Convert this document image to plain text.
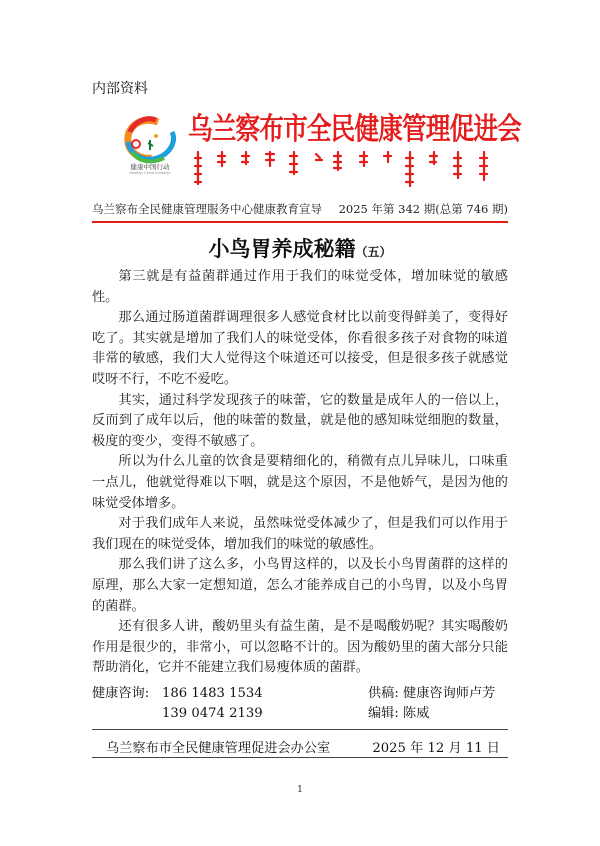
内部资料
健康中国行动
Healthy China Initiative
乌兰察布市全民健康管理促进会
乌兰察布全民健康管理服务中心健康教育宣导 2025 年第 342 期(总第 746 期)
小鸟胃养成秘籍（五）

第三就是有益菌群通过作用于我们的味觉受体，增加味觉的敏感性。

那么通过肠道菌群调理很多人感觉食材比以前变得鲜美了，变得好吃了。其实就是增加了我们人的味觉受体，你看很多孩子对食物的味道非常的敏感，我们大人觉得这个味道还可以接受，但是很多孩子就感觉哎呀不行，不吃不爱吃。

其实，通过科学发现孩子的味蕾，它的数量是成年人的一倍以上，反而到了成年以后，他的味蕾的数量，就是他的感知味觉细胞的数量，极度的变少，变得不敏感了。

所以为什么儿童的饮食是要精细化的，稍微有点儿异味儿，口味重一点儿，他就觉得难以下咽，就是这个原因，不是他娇气，是因为他的味觉受体增多。

对于我们成年人来说，虽然味觉受体减少了，但是我们可以作用于我们现在的味觉受体，增加我们的味觉的敏感性。

那么我们讲了这么多，小鸟胃这样的，以及长小鸟胃菌群的这样的原理，那么大家一定想知道，怎么才能养成自己的小鸟胃，以及小鸟胃的菌群。

还有很多人讲，酸奶里头有益生菌，是不是喝酸奶呢？其实喝酸奶作用是很少的，非常小，可以忽略不计的。因为酸奶里的菌大部分只能帮助消化，它并不能建立我们易瘦体质的菌群。

健康咨询: 186 1483 1534	供稿: 健康咨询师卢芳
139 0474 2139	编辑: 陈威
乌兰察布市全民健康管理促进会办公室	2025 年 12 月 11 日
1
